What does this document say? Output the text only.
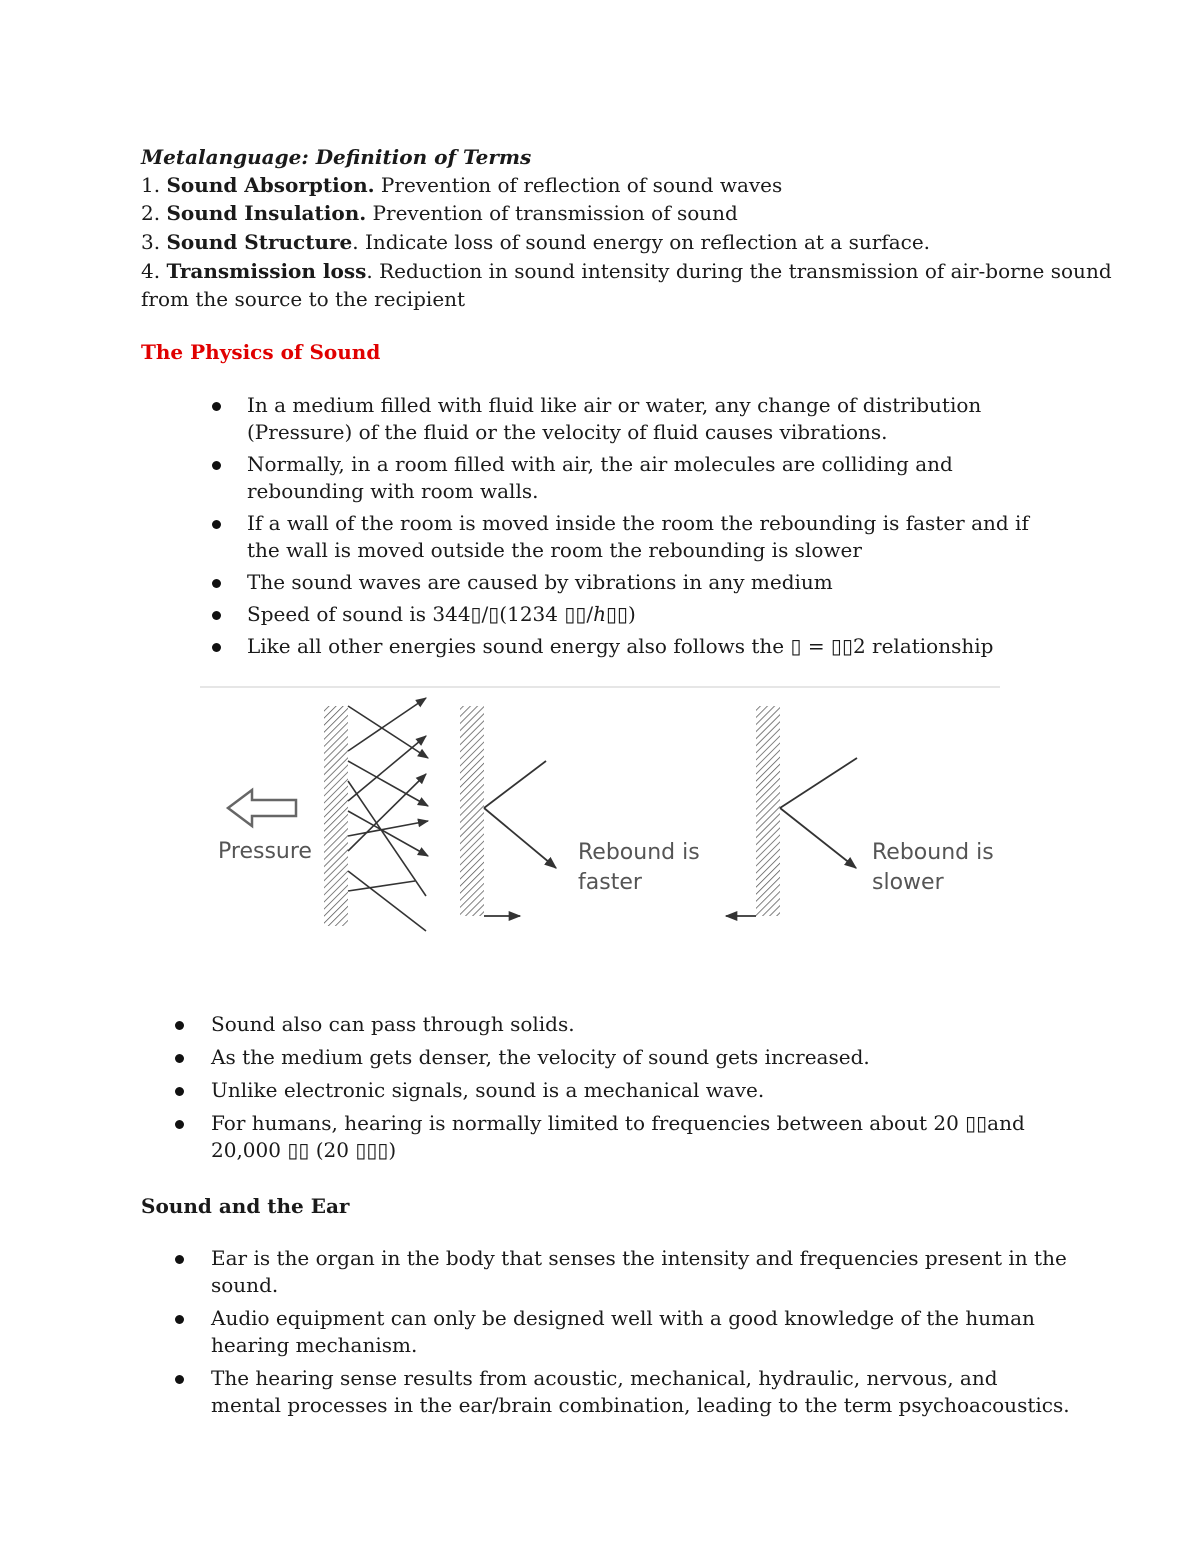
Metalanguage: Definition of Terms
1. Sound Absorption. Prevention of reflection of sound waves
2. Sound Insulation. Prevention of transmission of sound
3. Sound Structure. Indicate loss of sound energy on reflection at a surface.
4. Transmission loss. Reduction in sound intensity during the transmission of air-borne sound
from the source to the recipient
The Physics of Sound
In a medium filled with fluid like air or water, any change of distribution (Pressure) of the fluid or the velocity of fluid causes vibrations.
Normally, in a room filled with air, the air molecules are colliding and rebounding with room walls.
If a wall of the room is moved inside the room the rebounding is faster and if the wall is moved outside the room the rebounding is slower
The sound waves are caused by vibrations in any medium
Speed of sound is 344▯/▯(1234 ▯▯/ℎ▯▯)
Like all other energies sound energy also follows the ▯ = ▯▯2 relationship
Pressure	Rebound is
faster
Rebound is
slower
Sound also can pass through solids.
As the medium gets denser, the velocity of sound gets increased.
Unlike electronic signals, sound is a mechanical wave.
For humans, hearing is normally limited to frequencies between about 20 ▯▯and 20,000 ▯▯ (20 ▯▯▯)
Sound and the Ear
Ear is the organ in the body that senses the intensity and frequencies present in the sound.
Audio equipment can only be designed well with a good knowledge of the human hearing mechanism.
The hearing sense results from acoustic, mechanical, hydraulic, nervous, and mental processes in the ear/brain combination, leading to the term psychoacoustics.
